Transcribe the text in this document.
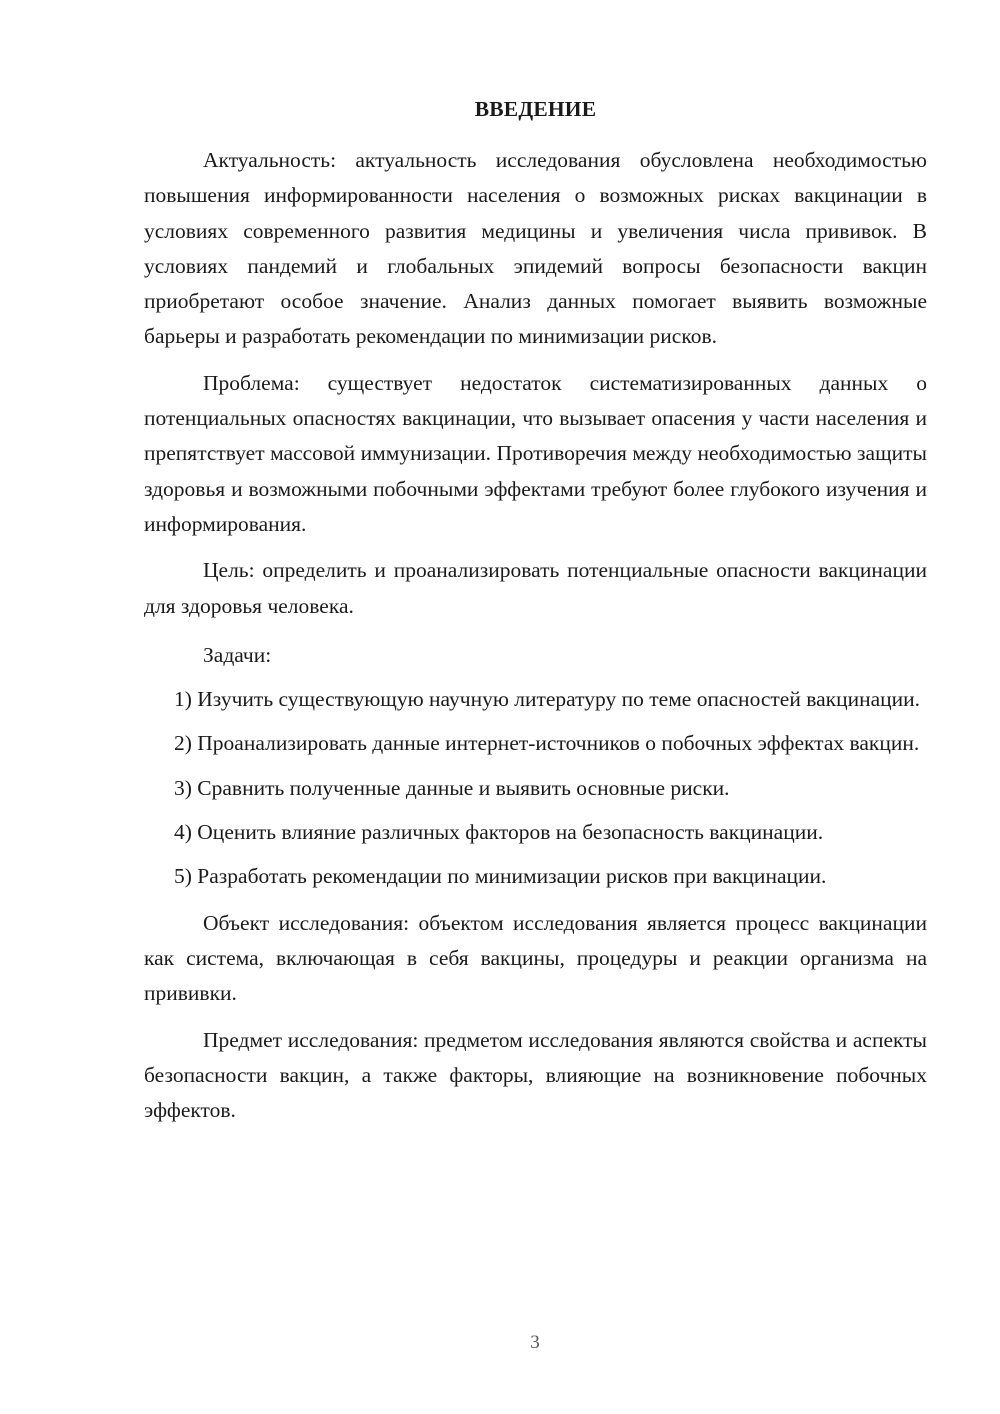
ВВЕДЕНИЕ

Актуальность: актуальность исследования обусловлена необходимостью повышения информированности населения о возможных рисках вакцинации в условиях современного развития медицины и увеличения числа прививок. В условиях пандемий и глобальных эпидемий вопросы безопасности вакцин приобретают особое значение. Анализ данных помогает выявить возможные барьеры и разработать рекомендации по минимизации рисков.

Проблема: существует недостаток систематизированных данных о потенциальных опасностях вакцинации, что вызывает опасения у части населения и препятствует массовой иммунизации. Противоречия между необходимостью защиты здоровья и возможными побочными эффектами требуют более глубокого изучения и информирования.

Цель: определить и проанализировать потенциальные опасности вакцинации для здоровья человека.

Задачи:

1) Изучить существующую научную литературу по теме опасностей вакцинации.

2) Проанализировать данные интернет-источников о побочных эффектах вакцин.

3) Сравнить полученные данные и выявить основные риски.

4) Оценить влияние различных факторов на безопасность вакцинации.

5) Разработать рекомендации по минимизации рисков при вакцинации.

Объект исследования: объектом исследования является процесс вакцинации как система, включающая в себя вакцины, процедуры и реакции организма на прививки.

Предмет исследования: предметом исследования являются свойства и аспекты безопасности вакцин, а также факторы, влияющие на возникновение побочных эффектов.

3
